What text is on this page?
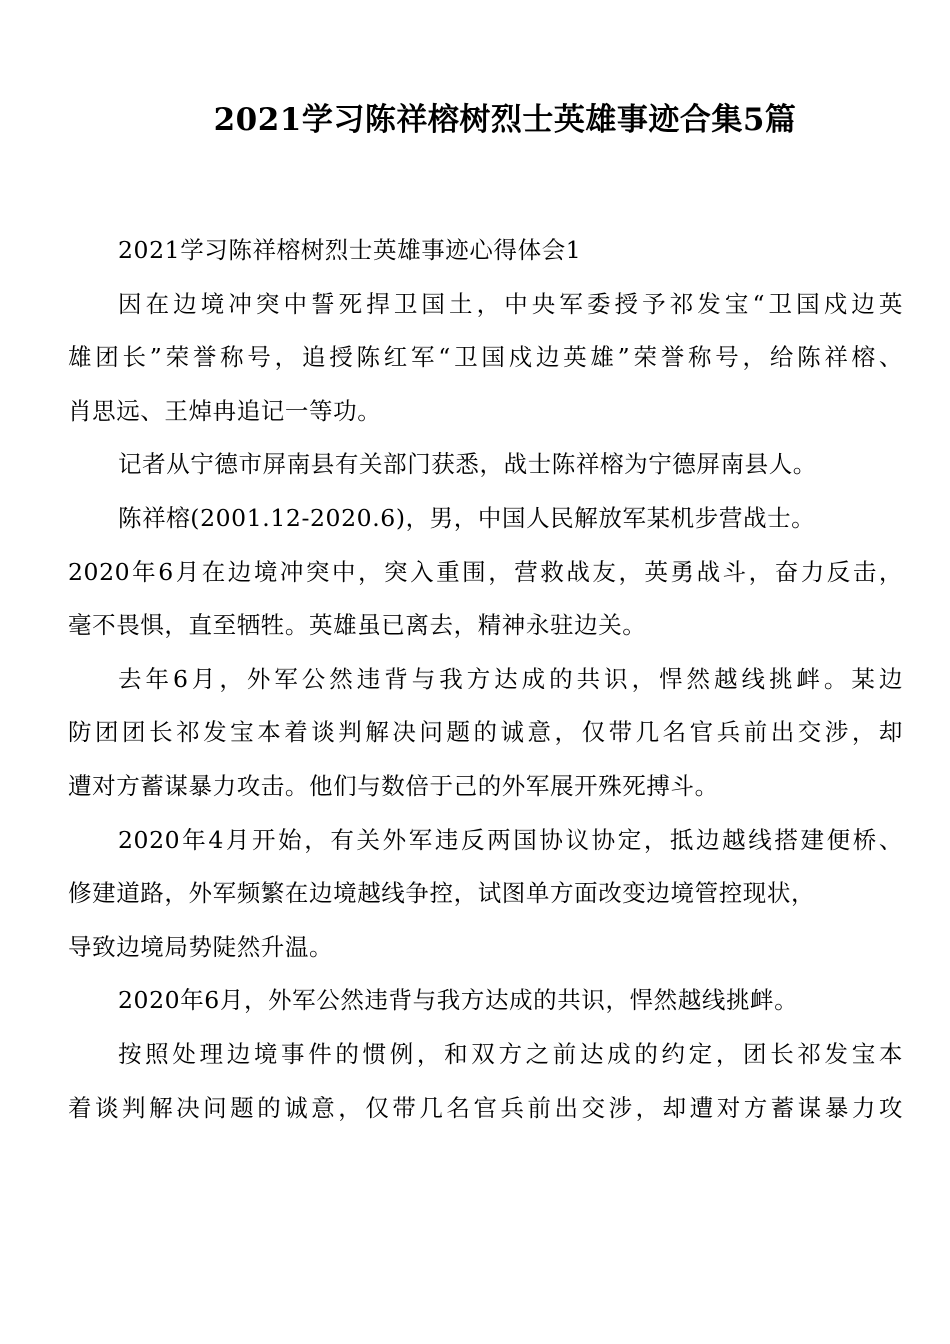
2021学习陈祥榕树烈士英雄事迹合集5篇
2021学习陈祥榕树烈士英雄事迹心得体会1
因在边境冲突中誓死捍卫国土，中央军委授予祁发宝“卫国戍边英
雄团长”荣誉称号，追授陈红军“卫国戍边英雄”荣誉称号，给陈祥榕、
肖思远、王焯冉追记一等功。
记者从宁德市屏南县有关部门获悉，战士陈祥榕为宁德屏南县人。
陈祥榕(2001.12-2020.6)，男，中国人民解放军某机步营战士。
2020年6月在边境冲突中，突入重围，营救战友，英勇战斗，奋力反击，
毫不畏惧，直至牺牲。英雄虽已离去，精神永驻边关。
去年6月，外军公然违背与我方达成的共识，悍然越线挑衅。某边
防团团长祁发宝本着谈判解决问题的诚意，仅带几名官兵前出交涉，却
遭对方蓄谋暴力攻击。他们与数倍于己的外军展开殊死搏斗。
2020年4月开始，有关外军违反两国协议协定，抵边越线搭建便桥、
修建道路，外军频繁在边境越线争控，试图单方面改变边境管控现状，
导致边境局势陡然升温。
2020年6月，外军公然违背与我方达成的共识，悍然越线挑衅。
按照处理边境事件的惯例，和双方之前达成的约定，团长祁发宝本
着谈判解决问题的诚意，仅带几名官兵前出交涉，却遭对方蓄谋暴力攻
